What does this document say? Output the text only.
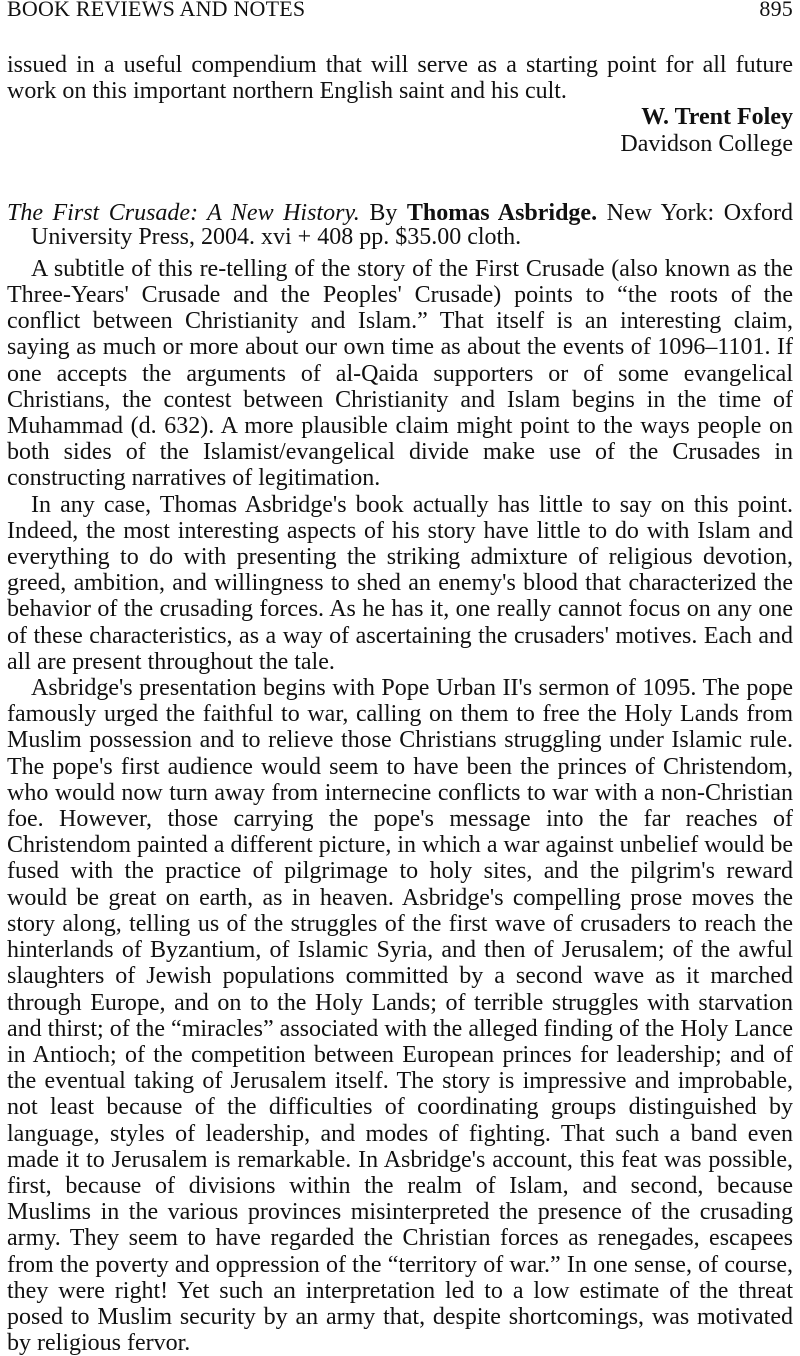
BOOK REVIEWS AND NOTES	895

issued in a useful compendium that will serve as a starting point for all future work on this important northern English saint and his cult.

W. Trent Foley
Davidson College
The First Crusade: A New History. By Thomas Asbridge. New York: Oxford University Press, 2004. xvi + 408 pp. $35.00 cloth.

A subtitle of this re-telling of the story of the First Crusade (also known as the Three-Years' Crusade and the Peoples' Crusade) points to “the roots of the conflict between Christianity and Islam.” That itself is an interesting claim, saying as much or more about our own time as about the events of 1096–1101. If one accepts the arguments of al-Qaida supporters or of some evangelical Christians, the contest between Christianity and Islam begins in the time of Muhammad (d. 632). A more plausible claim might point to the ways people on both sides of the Islamist/evangelical divide make use of the Crusades in constructing narratives of legitimation.

In any case, Thomas Asbridge's book actually has little to say on this point. Indeed, the most interesting aspects of his story have little to do with Islam and everything to do with presenting the striking admixture of religious devotion, greed, ambition, and willingness to shed an enemy's blood that characterized the behavior of the crusading forces. As he has it, one really cannot focus on any one of these characteristics, as a way of ascertaining the crusaders' motives. Each and all are present throughout the tale.

Asbridge's presentation begins with Pope Urban II's sermon of 1095. The pope famously urged the faithful to war, calling on them to free the Holy Lands from Muslim possession and to relieve those Christians struggling under Islamic rule. The pope's first audience would seem to have been the princes of Christendom, who would now turn away from internecine conflicts to war with a non-Christian foe. However, those carrying the pope's message into the far reaches of Christendom painted a different picture, in which a war against unbelief would be fused with the practice of pilgrimage to holy sites, and the pilgrim's reward would be great on earth, as in heaven. Asbridge's compelling prose moves the story along, telling us of the struggles of the first wave of crusaders to reach the hinterlands of Byzantium, of Islamic Syria, and then of Jerusalem; of the awful slaughters of Jewish populations committed by a second wave as it marched through Europe, and on to the Holy Lands; of terrible struggles with starvation and thirst; of the “miracles” associated with the alleged finding of the Holy Lance in Antioch; of the competition between European princes for leadership; and of the eventual taking of Jerusalem itself. The story is impressive and improbable, not least because of the difficulties of coordinating groups distinguished by language, styles of leadership, and modes of fighting. That such a band even made it to Jerusalem is remarkable. In Asbridge's account, this feat was possible, first, because of divisions within the realm of Islam, and second, because Muslims in the various provinces misinterpreted the presence of the crusading army. They seem to have regarded the Christian forces as renegades, escapees from the poverty and oppression of the “territory of war.” In one sense, of course, they were right! Yet such an interpretation led to a low estimate of the threat posed to Muslim security by an army that, despite shortcomings, was motivated by religious fervor.
